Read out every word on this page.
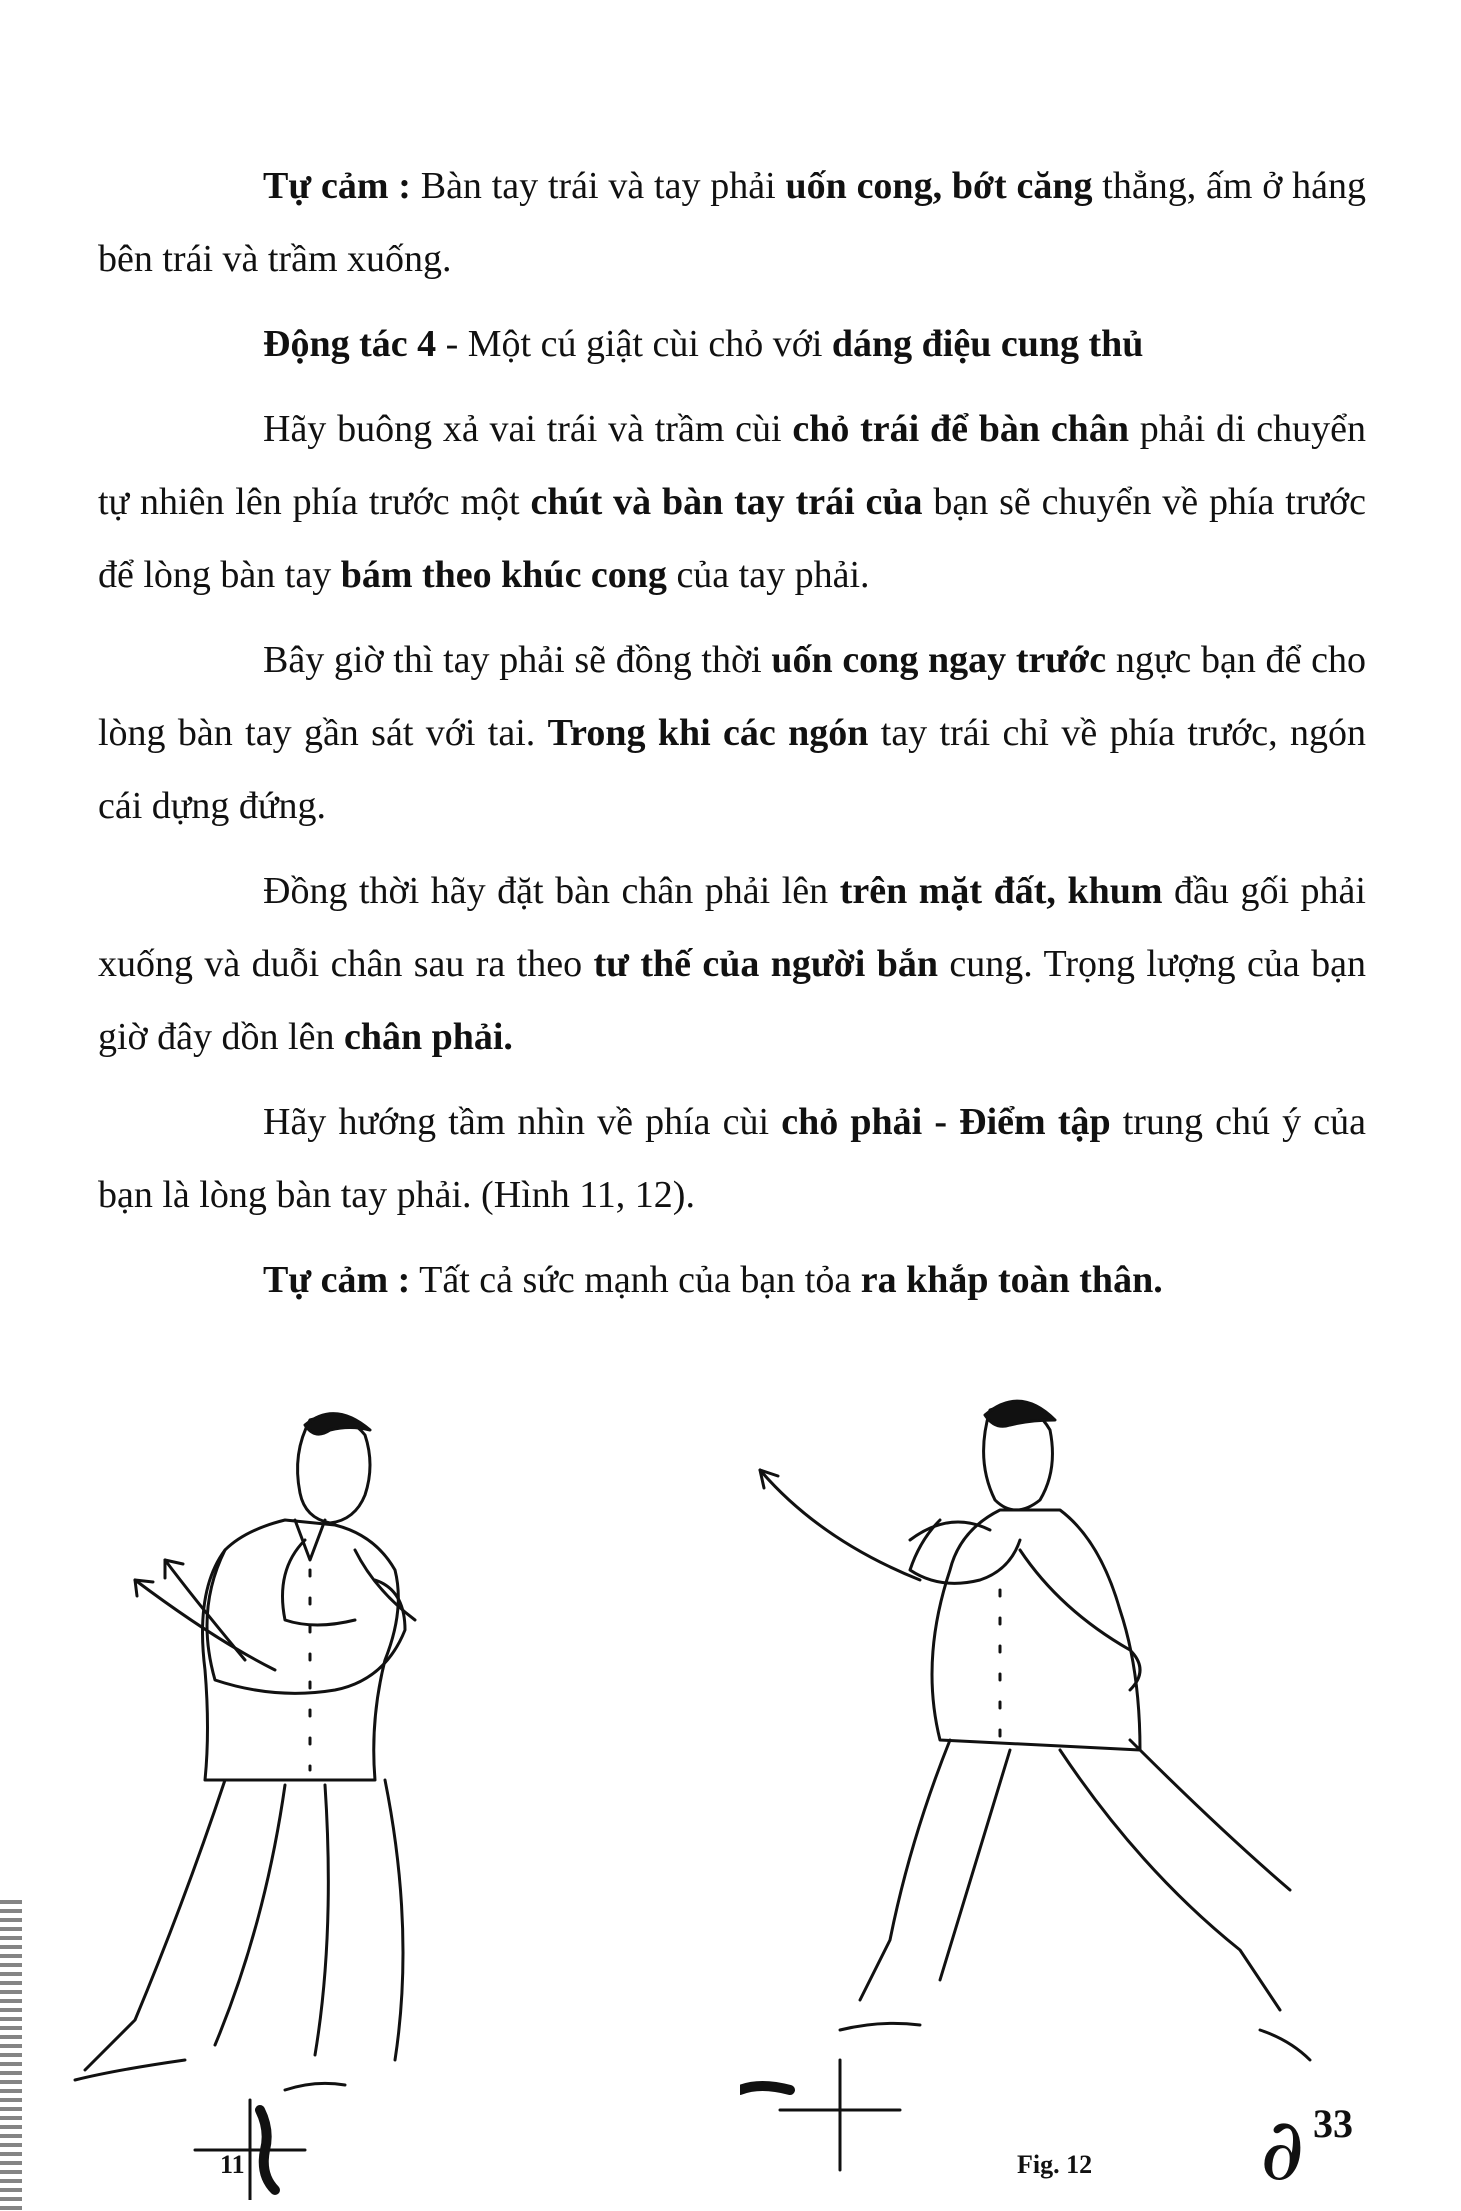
Tự cảm : Bàn tay trái và tay phải uốn cong, bớt căng thẳng, ấm ở háng bên trái và trầm xuống.

Động tác 4 - Một cú giật cùi chỏ với dáng điệu cung thủ

Hãy buông xả vai trái và trầm cùi chỏ trái để bàn chân phải di chuyển tự nhiên lên phía trước một chút và bàn tay trái của bạn sẽ chuyển về phía trước để lòng bàn tay bám theo khúc cong của tay phải.

Bây giờ thì tay phải sẽ đồng thời uốn cong ngay trước ngực bạn để cho lòng bàn tay gần sát với tai. Trong khi các ngón tay trái chỉ về phía trước, ngón cái dựng đứng.

Đồng thời hãy đặt bàn chân phải lên trên mặt đất, khum đầu gối phải xuống và duỗi chân sau ra theo tư thế của người bắn cung. Trọng lượng của bạn giờ đây dồn lên chân phải.

Hãy hướng tầm nhìn về phía cùi chỏ phải - Điểm tập trung chú ý của bạn là lòng bàn tay phải. (Hình 11, 12).

Tự cảm : Tất cả sức mạnh của bạn tỏa ra khắp toàn thân.

11	Fig. 12 ∂ 33
